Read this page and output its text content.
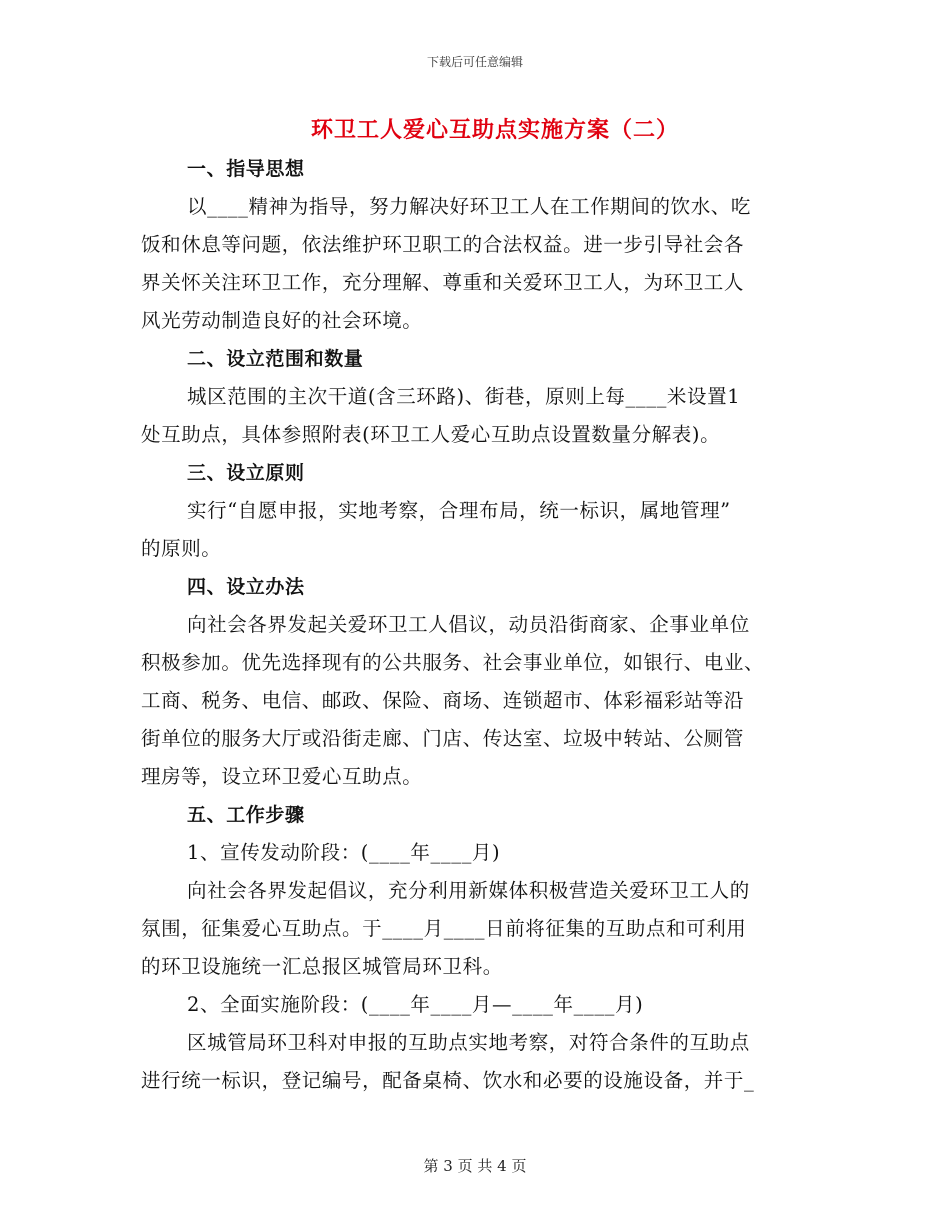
下载后可任意编辑
环卫工人爱心互助点实施方案（二）
一、指导思想
以____精神为指导，努力解决好环卫工人在工作期间的饮水、吃
饭和休息等问题，依法维护环卫职工的合法权益。进一步引导社会各
界关怀关注环卫工作，充分理解、尊重和关爱环卫工人，为环卫工人
风光劳动制造良好的社会环境。
二、设立范围和数量
城区范围的主次干道(含三环路)、街巷，原则上每____米设置1
处互助点，具体参照附表(环卫工人爱心互助点设置数量分解表)。
三、设立原则
实行“自愿申报，实地考察，合理布局，统一标识，属地管理”
的原则。
四、设立办法
向社会各界发起关爱环卫工人倡议，动员沿街商家、企事业单位
积极参加。优先选择现有的公共服务、社会事业单位，如银行、电业、
工商、税务、电信、邮政、保险、商场、连锁超市、体彩福彩站等沿
街单位的服务大厅或沿街走廊、门店、传达室、垃圾中转站、公厕管
理房等，设立环卫爱心互助点。
五、工作步骤
1、宣传发动阶段：(____年____月)
向社会各界发起倡议，充分利用新媒体积极营造关爱环卫工人的
氛围，征集爱心互助点。于____月____日前将征集的互助点和可利用
的环卫设施统一汇总报区城管局环卫科。
2、全面实施阶段：(____年____月—____年____月)
区城管局环卫科对申报的互助点实地考察，对符合条件的互助点
进行统一标识，登记编号，配备桌椅、饮水和必要的设施设备，并于_
第 3 页 共 4 页
